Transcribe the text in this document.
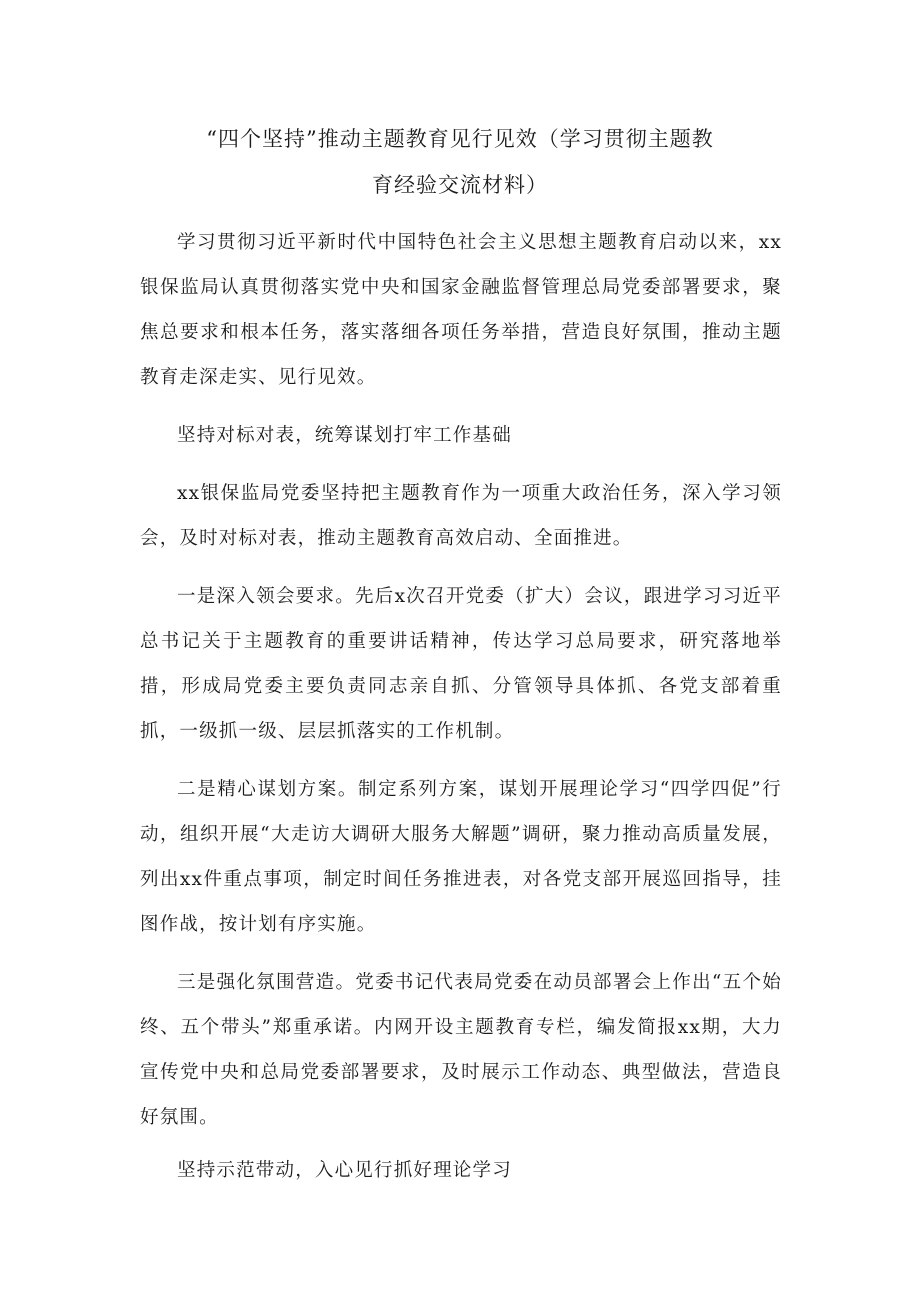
“四个坚持”推动主题教育见行见效（学习贯彻主题教
育经验交流材料）

学习贯彻习近平新时代中国特色社会主义思想主题教育启动以来，xx银保监局认真贯彻落实党中央和国家金融监督管理总局党委部署要求，聚焦总要求和根本任务，落实落细各项任务举措，营造良好氛围，推动主题教育走深走实、见行见效。

坚持对标对表，统筹谋划打牢工作基础

xx银保监局党委坚持把主题教育作为一项重大政治任务，深入学习领会，及时对标对表，推动主题教育高效启动、全面推进。

一是深入领会要求。先后x次召开党委（扩大）会议，跟进学习习近平总书记关于主题教育的重要讲话精神，传达学习总局要求，研究落地举措，形成局党委主要负责同志亲自抓、分管领导具体抓、各党支部着重抓，一级抓一级、层层抓落实的工作机制。

二是精心谋划方案。制定系列方案，谋划开展理论学习“四学四促”行动，组织开展“大走访大调研大服务大解题”调研，聚力推动高质量发展，列出xx件重点事项，制定时间任务推进表，对各党支部开展巡回指导，挂图作战，按计划有序实施。

三是强化氛围营造。党委书记代表局党委在动员部署会上作出“五个始终、五个带头”郑重承诺。内网开设主题教育专栏，编发简报xx期，大力宣传党中央和总局党委部署要求，及时展示工作动态、典型做法，营造良好氛围。

坚持示范带动，入心见行抓好理论学习
